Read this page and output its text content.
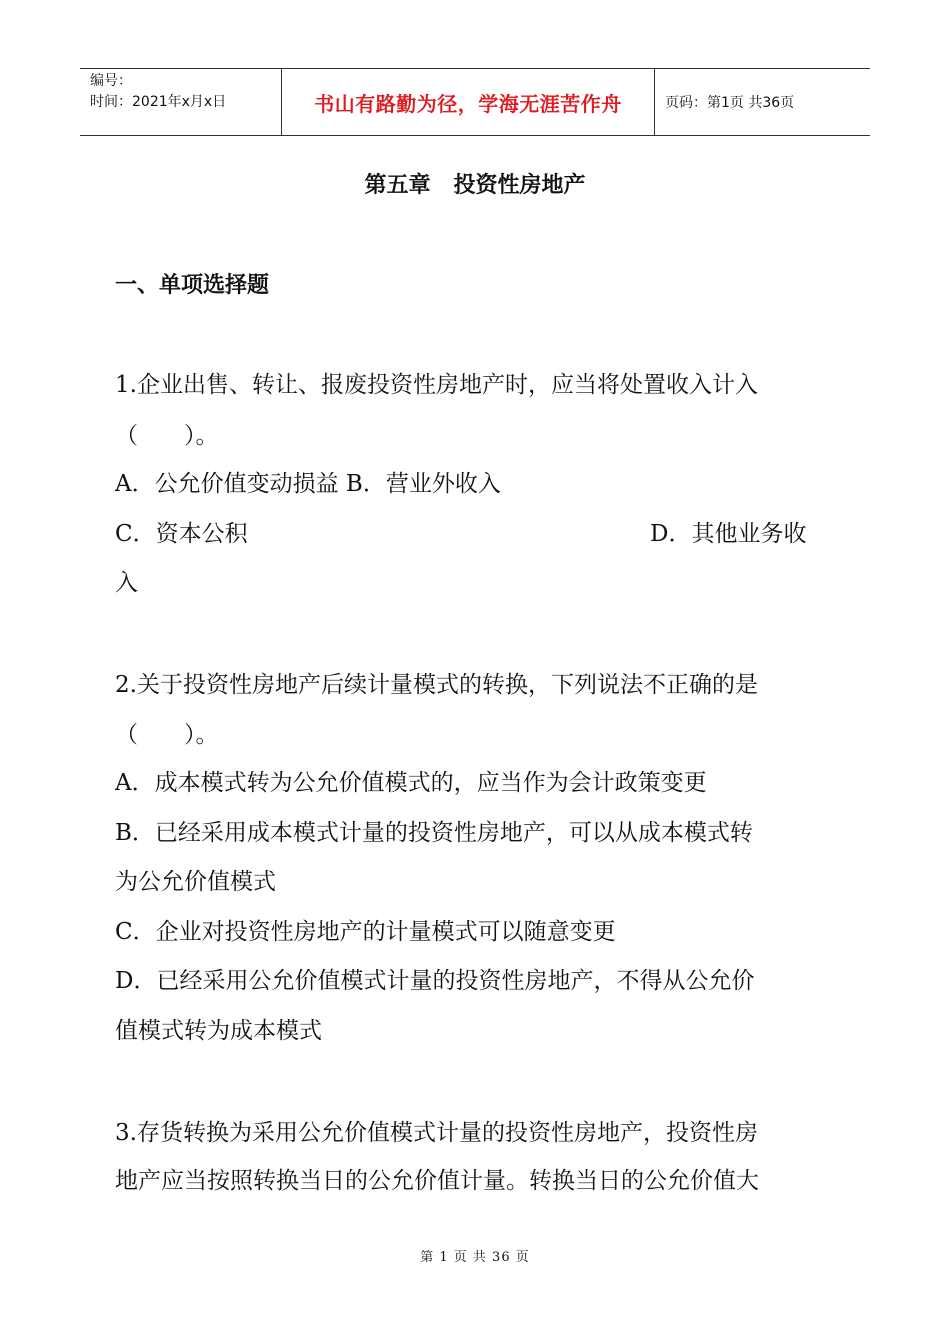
编号：
时间：2021年x月x日	书山有路勤为径，学海无涯苦作舟	页码：第1页 共36页
第五章   投资性房地产
一、单项选择题
1.企业出售、转让、报废投资性房地产时，应当将处置收入计入
（　　）。
A．公允价值变动损益 B．营业外收入
C．资本公积	D．其他业务收
入
2.关于投资性房地产后续计量模式的转换，下列说法不正确的是
（　　）。
A．成本模式转为公允价值模式的，应当作为会计政策变更
B．已经采用成本模式计量的投资性房地产，可以从成本模式转
为公允价值模式
C．企业对投资性房地产的计量模式可以随意变更
D．已经采用公允价值模式计量的投资性房地产，不得从公允价
值模式转为成本模式
3.存货转换为采用公允价值模式计量的投资性房地产，投资性房
地产应当按照转换当日的公允价值计量。转换当日的公允价值大
第 1 页 共 36 页
